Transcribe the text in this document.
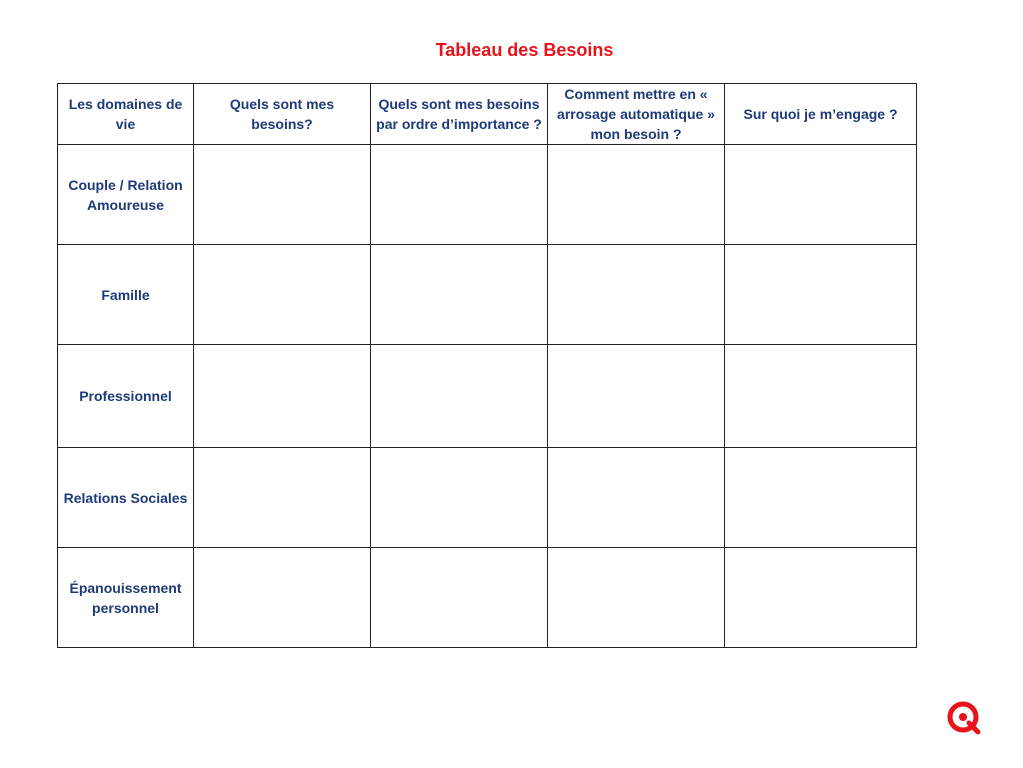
Tableau des Besoins
Les domaines de vie	Quels sont mes besoins?	Quels sont mes besoins par ordre d’importance ?	Comment mettre en « arrosage automatique » mon besoin ?	Sur quoi je m’engage ?
Couple / Relation Amoureuse				
Famille				
Professionnel				
Relations Sociales				
Épanouissement personnel				
